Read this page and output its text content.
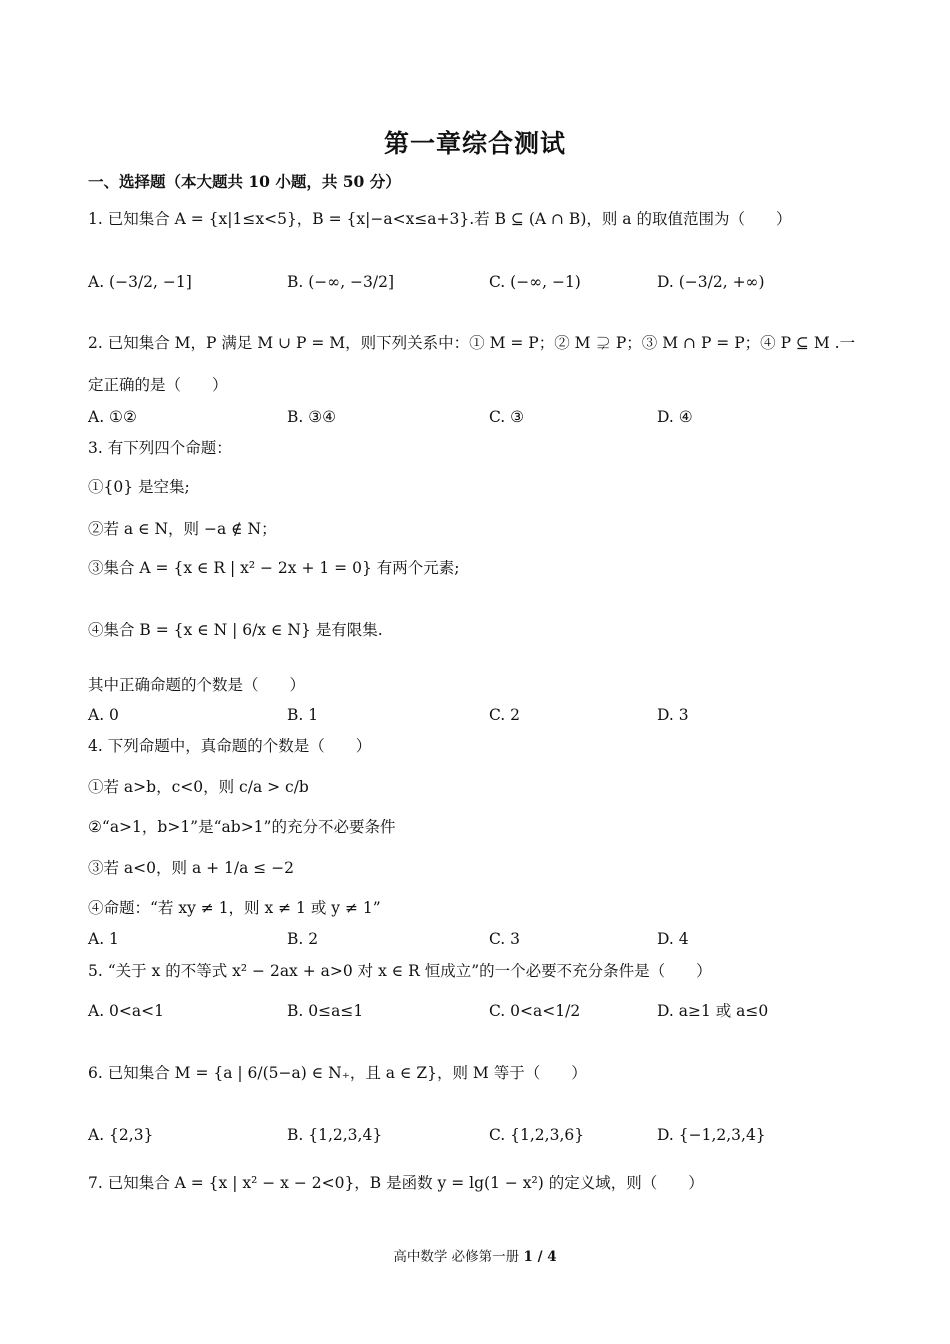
第一章综合测试
一、选择题（本大题共 10 小题，共 50 分）
1. 已知集合 A = {x|1≤x<5}，B = {x|−a<x≤a+3}.若 B ⊆ (A ∩ B)，则 a 的取值范围为（　　）
A. (−3/2, −1]	B. (−∞, −3/2]	C. (−∞, −1)	D. (−3/2, +∞)
2. 已知集合 M，P 满足 M ∪ P = M，则下列关系中：① M = P；② M ⊋ P；③ M ∩ P = P；④ P ⊆ M .一
定正确的是（　　）
A. ①②	B. ③④	C. ③	D. ④
3. 有下列四个命题：
①{0} 是空集;
②若 a ∈ N，则 −a ∉ N；
③集合 A = {x ∈ R | x² − 2x + 1 = 0} 有两个元素;
④集合 B = {x ∈ N | 6/x ∈ N} 是有限集.
其中正确命题的个数是（　　）
A. 0	B. 1	C. 2	D. 3
4. 下列命题中，真命题的个数是（　　）
①若 a>b，c<0，则 c/a > c/b
②“a>1，b>1”是“ab>1”的充分不必要条件
③若 a<0，则 a + 1/a ≤ −2
④命题：“若 xy ≠ 1，则 x ≠ 1 或 y ≠ 1”
A. 1	B. 2	C. 3	D. 4
5. “关于 x 的不等式 x² − 2ax + a>0 对 x ∈ R 恒成立”的一个必要不充分条件是（　　）
A. 0<a<1	B. 0≤a≤1	C. 0<a<1/2	D. a≥1 或 a≤0
6. 已知集合 M = {a | 6/(5−a) ∈ N₊，且 a ∈ Z}，则 M 等于（　　）
A. {2,3}	B. {1,2,3,4}	C. {1,2,3,6}	D. {−1,2,3,4}
7. 已知集合 A = {x | x² − x − 2<0}，B 是函数 y = lg(1 − x²) 的定义域，则（　　）
高中数学 必修第一册 1 / 4
